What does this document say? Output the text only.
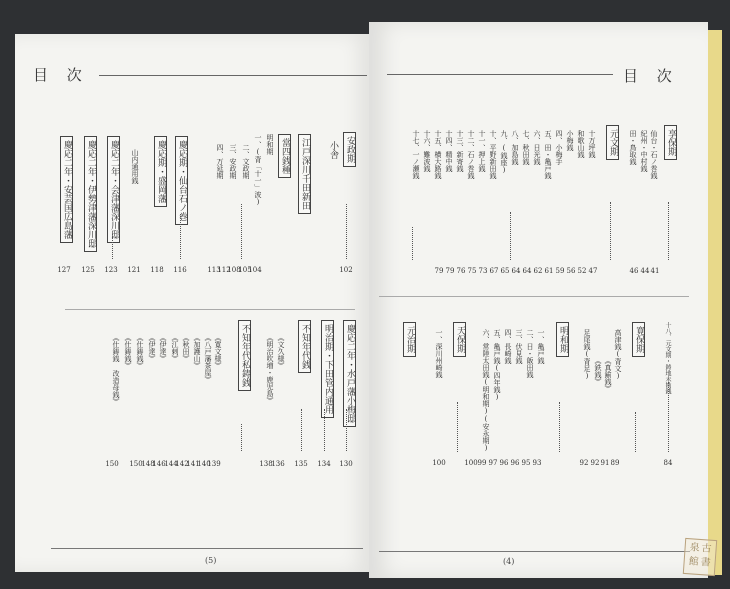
目 次
(5)
安政期
小舎
江戸深川千田新田
當四銭種
明和期
一、(背「十一」波)
二、文政期
三、安政期
四、万延期
慶応期・仙台石ノ巻
慶応期・盛岡藩
山内通用銭
慶応二年・会津藩深川邸
慶応二年・伊勢津藩深川邸
慶応二年・安芸国広島藩
102
113
112
108
105
104
116
118
121
123
125
127
慶応二年・水戸藩小梅邸
明治期・下田管内通用
不知年代銭
《文久様》
《明治吹増・鹿児島》
不知年代私鋳銭
《寛文様》
《八戸藩茶屋》
《加護山》
《秋田》
《江刺》
《伊達》
《伊達》
《仕鋳銭》
《仕鋳銭》
《仕鋳銭 改造母銭》
130
134
135
136
138
139
140
141
142
144
146
148
150
150
目 次
(4)
享保期
仙台・石ノ巻銭
紀州・中村銭
田・鳥取銭
元文期
十万坪銭
和歌山銭
小梅銭
四、小梅手
五、田・亀戸銭
六、日光銭
七、秋田銭
八、加島銭
九、(銭座)
十、平野新田銭
十一、押上銭
十二、石ノ巻銭
十三、新寄銭
十四、精中銭
十五、横大路銭
十六、難波銭
十七、一ノ瀬銭
41
44
46
47
52
56
59
61
62
64
64
65
67
73
75
76
79
79
十八、元文期・鋳地未勘銭
寛保期
高津銭(背文)
《真鍮銭》
《鉄銭》
足尾銭(背足)
明和期
一、亀戸銭
二、日・飯田銭
三、伏見銭
四、長崎銭
五、亀戸銭(四年銭)
六、常陸太田銭(明和期)(安永期)
天保期
一、深川州崎銭
元治期
84
89
91
92
92
93
95
96
96
97
99
100
100
古
泉
書
館
